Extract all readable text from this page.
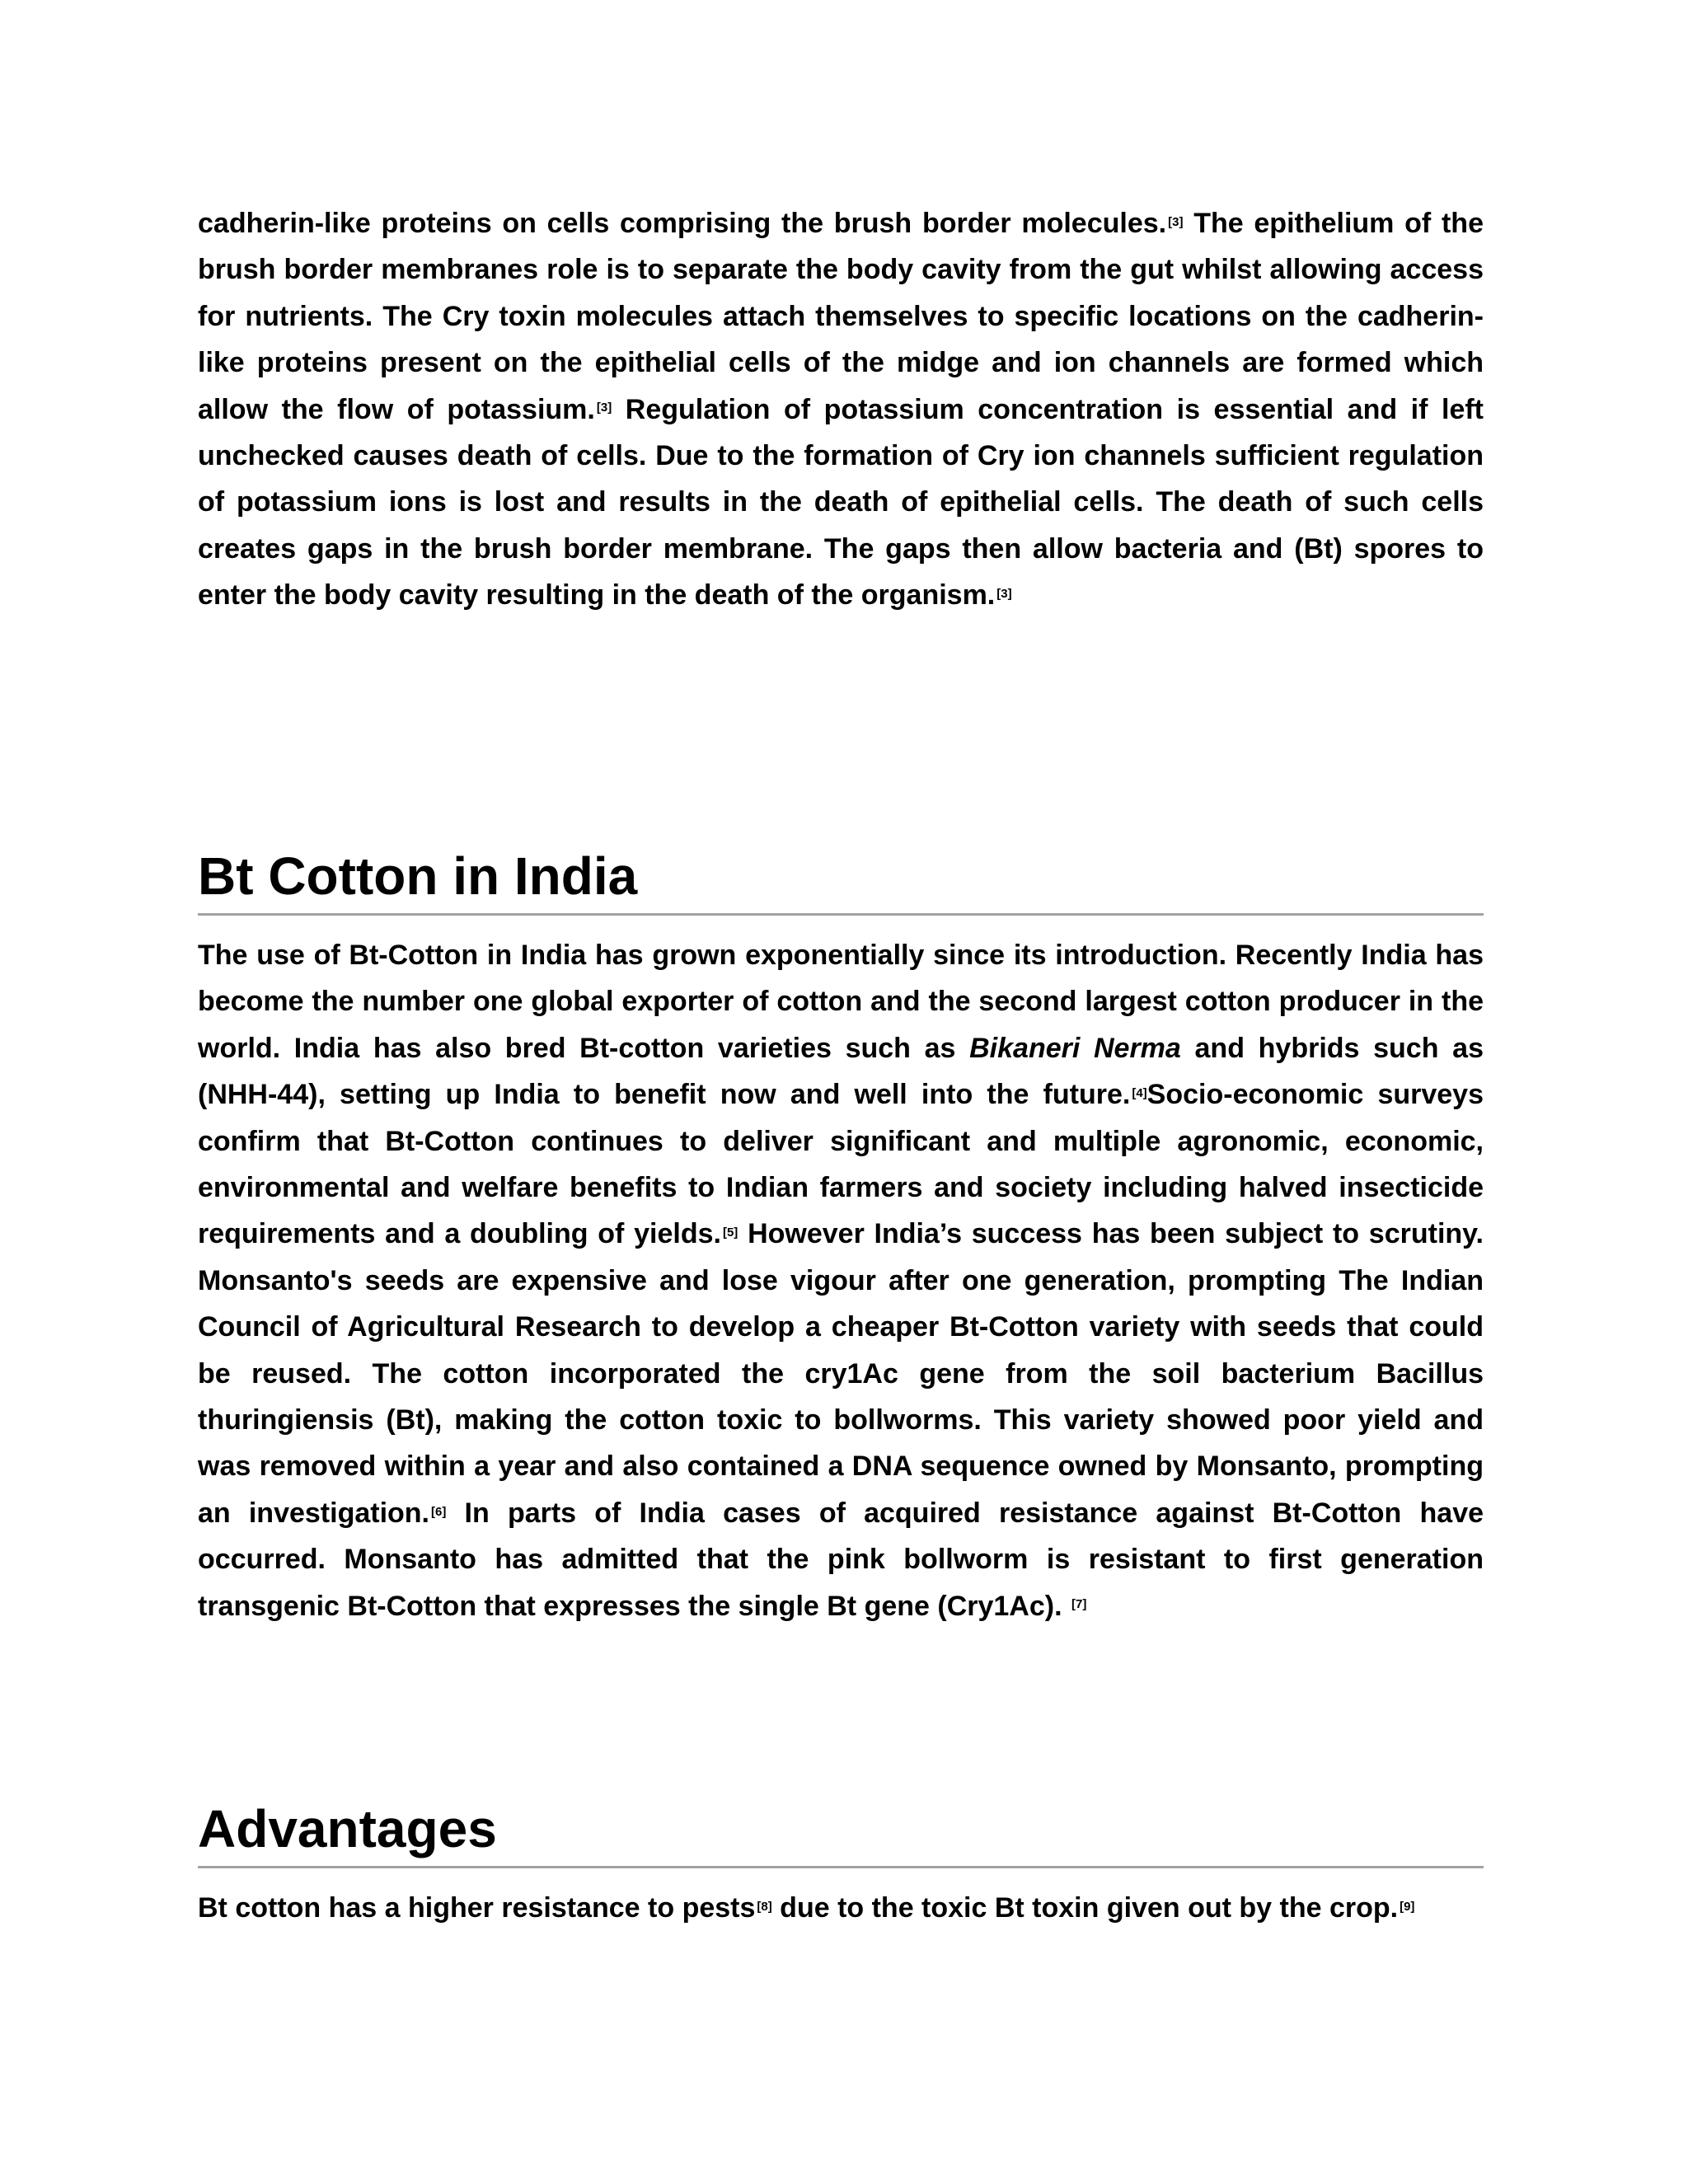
cadherin-like proteins on cells comprising the brush border molecules. [3] The epithelium of the brush border membranes role is to separate the body cavity from the gut whilst allowing access for nutrients. The Cry toxin molecules attach themselves to specific locations on the cadherin-like proteins present on the epithelial cells of the midge and ion channels are formed which allow the flow of potassium. [3] Regulation of potassium concentration is essential and if left unchecked causes death of cells. Due to the formation of Cry ion channels sufficient regulation of potassium ions is lost and results in the death of epithelial cells. The death of such cells creates gaps in the brush border membrane. The gaps then allow bacteria and (Bt) spores to enter the body cavity resulting in the death of the organism. [3]

Bt Cotton in India

The use of Bt-Cotton in India has grown exponentially since its introduction. Recently India has become the number one global exporter of cotton and the second largest cotton producer in the world. India has also bred Bt-cotton varieties such as Bikaneri Nerma and hybrids such as (NHH-44), setting up India to benefit now and well into the future. [4]Socio-economic surveys confirm that Bt-Cotton continues to deliver significant and multiple agronomic, economic, environmental and welfare benefits to Indian farmers and society including halved insecticide requirements and a doubling of yields. [5] However India’s success has been subject to scrutiny. Monsanto's seeds are expensive and lose vigour after one generation, prompting The Indian Council of Agricultural Research to develop a cheaper Bt-Cotton variety with seeds that could be reused. The cotton incorporated the cry1Ac gene from the soil bacterium Bacillus thuringiensis (Bt), making the cotton toxic to bollworms. This variety showed poor yield and was removed within a year and also contained a DNA sequence owned by Monsanto, prompting an investigation. [6] In parts of India cases of acquired resistance against Bt-Cotton have occurred. Monsanto has admitted that the pink bollworm is resistant to first generation transgenic Bt-Cotton that expresses the single Bt gene (Cry1Ac). [7]

Advantages

Bt cotton has a higher resistance to pests [8] due to the toxic Bt toxin given out by the crop. [9]
